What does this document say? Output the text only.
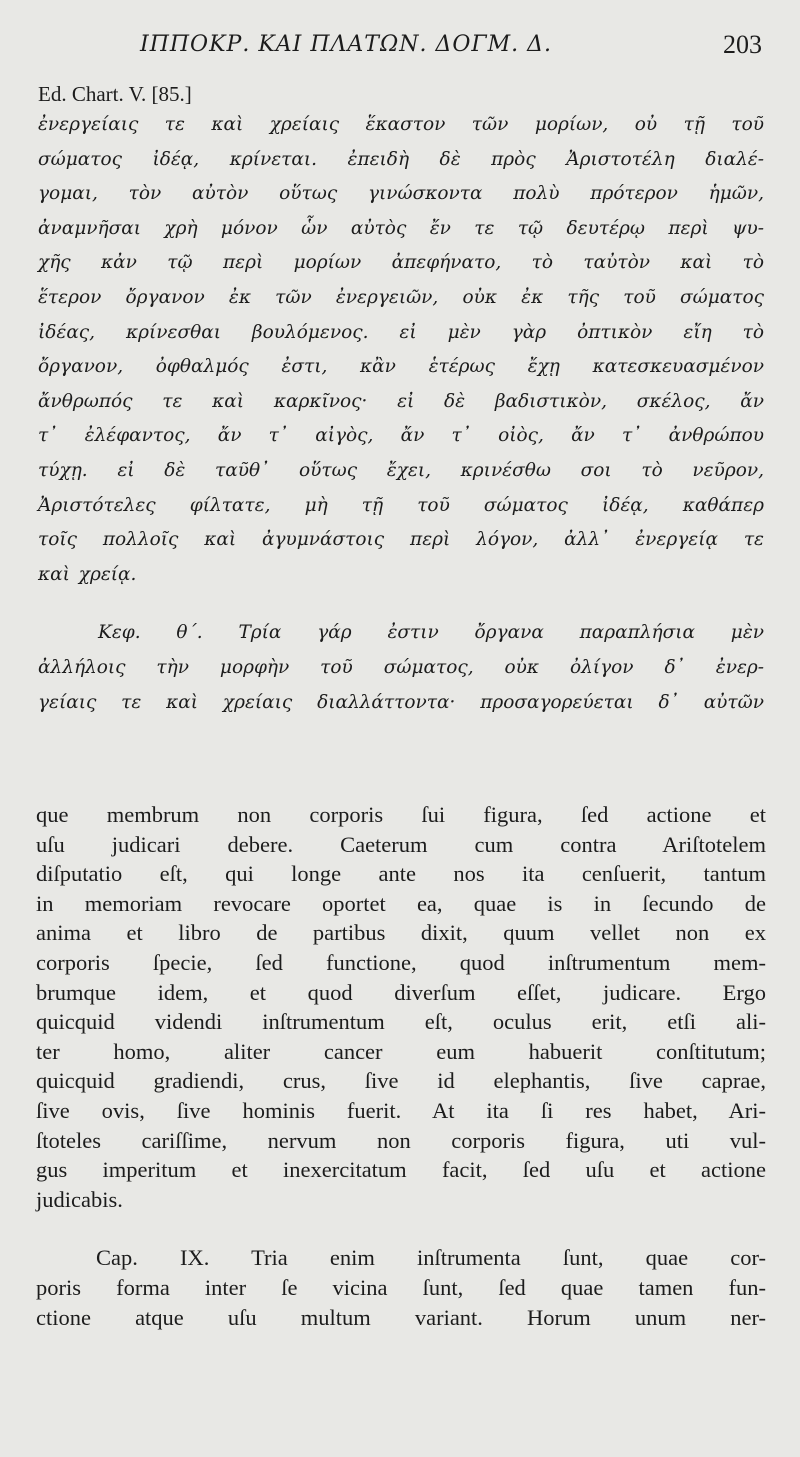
ΙΠΠΟΚΡ. ΚΑΙ ΠΛΑΤΩΝ. ΔΟΓΜ. Δ.	203
Ed. Chart. V. [85.]
ἐνεργείαις τε καὶ χρείαις ἕκαστον τῶν μορίων, οὐ τῇ τοῦ
σώματος ἰδέᾳ, κρίνεται. ἐπειδὴ δὲ πρὸς Ἀριστοτέλη διαλέ-
γομαι, τὸν αὐτὸν οὕτως γινώσκοντα πολὺ πρότερον ἡμῶν,
ἀναμνῆσαι χρὴ μόνον ὧν αὐτὸς ἔν τε τῷ δευτέρῳ περὶ ψυ-
χῆς κἀν τῷ περὶ μορίων ἀπεφήνατο, τὸ ταὐτὸν καὶ τὸ
ἕτερον ὄργανον ἐκ τῶν ἐνεργειῶν, οὐκ ἐκ τῆς τοῦ σώματος
ἰδέας, κρίνεσθαι βουλόμενος. εἰ μὲν γὰρ ὀπτικὸν εἴη τὸ
ὄργανον, ὀφθαλμός ἐστι, κἂν ἑτέρως ἔχῃ κατεσκευασμένον
ἄνθρωπός τε καὶ καρκῖνος· εἰ δὲ βαδιστικὸν, σκέλος, ἄν
τ᾿ ἐλέφαντος, ἄν τ᾿ αἰγὸς, ἄν τ᾿ οἰὸς, ἄν τ᾿ ἀνθρώπου
τύχῃ. εἰ δὲ ταῦθ᾿ οὕτως ἔχει, κρινέσθω σοι τὸ νεῦρον,
Ἀριστότελες φίλτατε, μὴ τῇ τοῦ σώματος ἰδέᾳ, καθάπερ
τοῖς πολλοῖς καὶ ἀγυμνάστοις περὶ λόγον, ἀλλ᾿ ἐνεργείᾳ τε
καὶ χρείᾳ.
Κεφ. θ΄. Τρία γάρ ἐστιν ὄργανα παραπλήσια μὲν
ἀλλήλοις τὴν μορφὴν τοῦ σώματος, οὐκ ὀλίγον δ᾿ ἐνερ-
γείαις τε καὶ χρείαις διαλλάττοντα· προσαγορεύεται δ᾿ αὐτῶν
que membrum non corporis ſui figura, ſed actione et
uſu judicari debere. Caeterum cum contra Ariſtotelem
diſputatio eſt, qui longe ante nos ita cenſuerit, tantum
in memoriam revocare oportet ea, quae is in ſecundo de
anima et libro de partibus dixit, quum vellet non ex
corporis ſpecie, ſed functione, quod inſtrumentum mem-
brumque idem, et quod diverſum eſſet, judicare. Ergo
quicquid videndi inſtrumentum eſt, oculus erit, etſi ali-
ter homo, aliter cancer eum habuerit conſtitutum;
quicquid gradiendi, crus, ſive id elephantis, ſive caprae,
ſive ovis, ſive hominis fuerit. At ita ſi res habet, Ari-
ſtoteles cariſſime, nervum non corporis figura, uti vul-
gus imperitum et inexercitatum facit, ſed uſu et actione
judicabis.
Cap. IX. Tria enim inſtrumenta ſunt, quae cor-
poris forma inter ſe vicina ſunt, ſed quae tamen fun-
ctione atque uſu multum variant. Horum unum ner-
